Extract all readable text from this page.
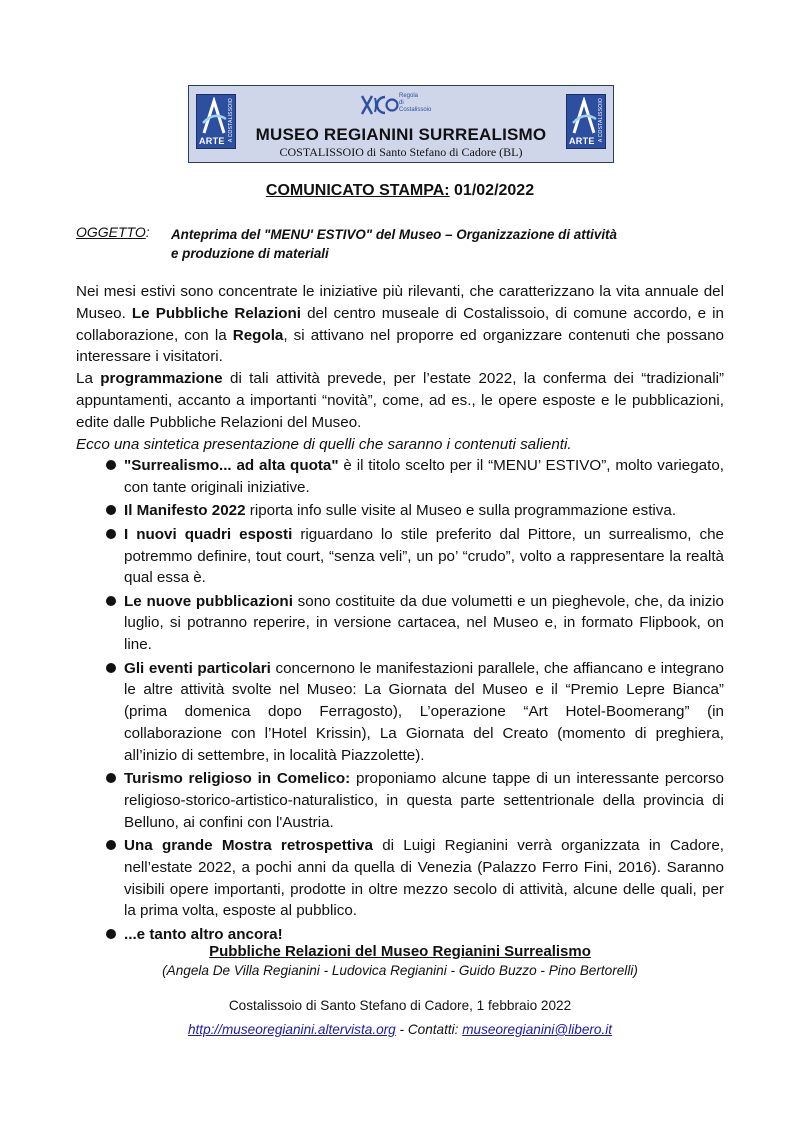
A COSTALISSOIO
ARTE
Regola
di
Costalissoio
MUSEO REGIANINI SURREALISMO
COSTALISSOIO di Santo Stefano di Cadore (BL)
A COSTALISSOIO
ARTE
COMUNICATO STAMPA: 01/02/2022
OGGETTO: Anteprima del "MENU' ESTIVO" del Museo – Organizzazione di attività
e produzione di materiali

Nei mesi estivi sono concentrate le iniziative più rilevanti, che caratterizzano la vita annuale del Museo. Le Pubbliche Relazioni del centro museale di Costalissoio, di comune accordo, e in collaborazione, con la Regola, si attivano nel proporre ed organizzare contenuti che possano interessare i visitatori.

La programmazione di tali attività prevede, per l’estate 2022, la conferma dei “tradizionali” appuntamenti, accanto a importanti “novità”, come, ad es., le opere esposte e le pubblicazioni, edite dalle Pubbliche Relazioni del Museo.

Ecco una sintetica presentazione di quelli che saranno i contenuti salienti.

"Surrealismo... ad alta quota" è il titolo scelto per il “MENU’ ESTIVO”, molto variegato, con tante originali iniziative.
Il Manifesto 2022 riporta info sulle visite al Museo e sulla programmazione estiva.
I nuovi quadri esposti riguardano lo stile preferito dal Pittore, un surrealismo, che potremmo definire, tout court, “senza veli”, un po’ “crudo”, volto a rappresentare la realtà qual essa è.
Le nuove pubblicazioni sono costituite da due volumetti e un pieghevole, che, da inizio luglio, si potranno reperire, in versione cartacea, nel Museo e, in formato Flipbook, on line.
Gli eventi particolari concernono le manifestazioni parallele, che affiancano e integrano le altre attività svolte nel Museo: La Giornata del Museo e il “Premio Lepre Bianca” (prima domenica dopo Ferragosto), L’operazione “Art Hotel-Boomerang” (in collaborazione con l’Hotel Krissin), La Giornata del Creato (momento di preghiera, all’inizio di settembre, in località Piazzolette).
Turismo religioso in Comelico: proponiamo alcune tappe di un interessante percorso religioso-storico-artistico-naturalistico, in questa parte settentrionale della provincia di Belluno, ai confini con l'Austria.
Una grande Mostra retrospettiva di Luigi Regianini verrà organizzata in Cadore, nell’estate 2022, a pochi anni da quella di Venezia (Palazzo Ferro Fini, 2016). Saranno visibili opere importanti, prodotte in oltre mezzo secolo di attività, alcune delle quali, per la prima volta, esposte al pubblico.
...e tanto altro ancora!
Pubbliche Relazioni del Museo Regianini Surrealismo
(Angela De Villa Regianini - Ludovica Regianini - Guido Buzzo - Pino Bertorelli)
Costalissoio di Santo Stefano di Cadore, 1 febbraio 2022
http://museoregianini.altervista.org - Contatti: museoregianini@libero.it
